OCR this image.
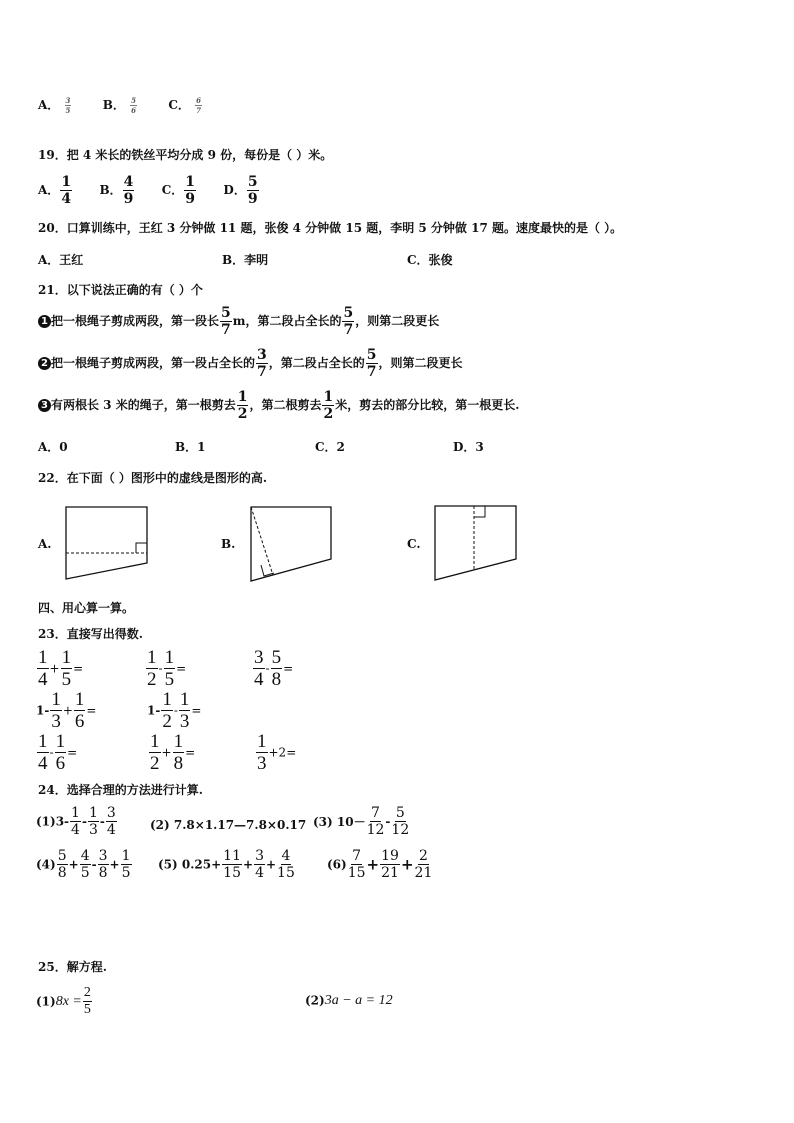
A． $\frac{3}{5}$	B． $\frac{5}{6}$	C． $\frac{6}{7}$
19．把 4 米长的铁丝平均分成 9 份，每份是（ ）米。
A． $\frac{1}{4}$ B． $\frac{4}{9}$ C． $\frac{1}{9}$ D． $\frac{5}{9}$
20．口算训练中，王红 3 分钟做 11 题，张俊 4 分钟做 15 题，李明 5 分钟做 17 题。速度最快的是（ ）。
A．王红	B．李明	C．张俊
21．以下说法正确的有（ ）个
1 把一根绳子剪成两段，第一段长 $\frac{5}{7}$ m，第二段占全长的 $\frac{5}{7}$ ，则第二段更长
2 把一根绳子剪成两段，第一段占全长的 $\frac{3}{7}$ ，第二段占全长的 $\frac{5}{7}$ ，则第二段更长
3 有两根长 3 米的绳子，第一根剪去 $\frac{1}{2}$ ，第二根剪去 $\frac{1}{2}$ 米，剪去的部分比较，第一根更长.
A．0	B．1	C．2	D．3
22．在下面（ ）图形中的虚线是图形的高.
A.	B.	C.
四、用心算一算。
23．直接写出得数.
$\frac{1}{4} + \frac{1}{5}$ =	$\frac{1}{2} - \frac{1}{5}$ =	$\frac{3}{4} - \frac{5}{8}$ =
$1- \frac{1}{3} + \frac{1}{6}$ =	$1- \frac{1}{2} - \frac{1}{3}$ =
$\frac{1}{4} - \frac{1}{6}$ =	$\frac{1}{2} + \frac{1}{8}$ =	$\frac{1}{3} +2=$
24．选择合理的方法进行计算.
$(1)3- \frac{1}{4} - \frac{1}{3} - \frac{3}{4}$	(2) 7.8×1.17—7.8×0.17 (3) $10- \frac{7}{12} - \frac{5}{12}$
$(4) \frac{5}{8} + \frac{4}{5} - \frac{3}{8} + \frac{1}{5} (5)$ $0.25+ \frac{11}{15} + \frac{3}{4} + \frac{4}{15}$	$(6) \frac{7}{15} + \frac{19}{21} + \frac{2}{21}$
25．解方程.
$(1)8x = \frac{2}{5}$	(2)3a − a = 12
